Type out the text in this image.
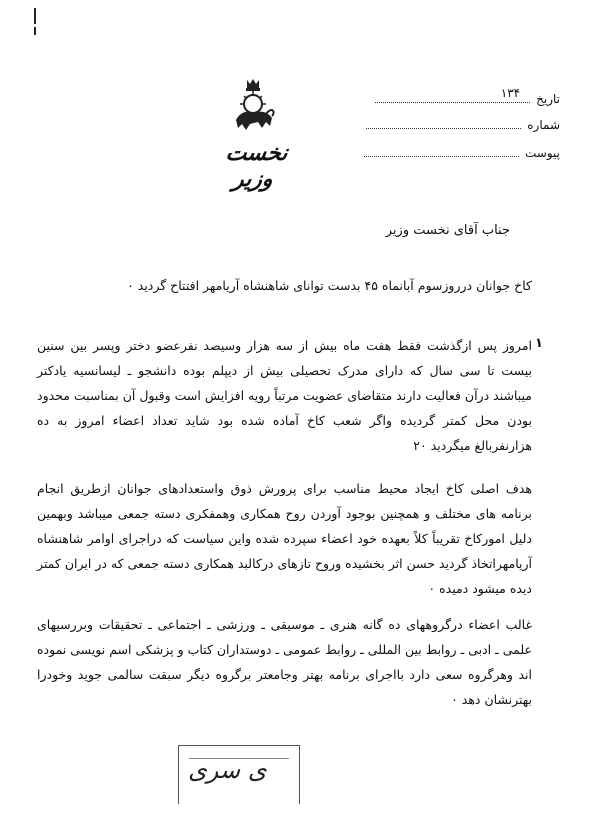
نخست وزیر
تاریخ
۱۳۴
شماره
پیوست
جناب آقای نخست وزیر
کاخ جوانان درروزسوم آبانماه ۴۵ بدست توانای شاهنشاه آریامهر افتتاح گردید ۰
۱
امروز پس ازگذشت فقط هفت ماه بیش از سه هزار وسیصد نفرعضو دختر وپسر بین سنین بیست تا سی سال که دارای مدرک تحصیلی بیش از دیپلم بوده دانشجو ـ لیسانسیه یادکتر میباشند درآن فعالیت دارند متقاضای عضویت مرتباً رویه افزایش است وقبول آن بمناسبت محدود بودن محل کمتر گردیده واگر شعب کاخ آماده شده بود شاید تعداد اعضاء امروز به ده هزارنفربالغ میگردید ۲۰
هدف اصلی کاخ ایجاد محیط مناسب برای پرورش ذوق واستعدادهای جوانان ازطریق انجام برنامه های مختلف و همچنین بوجود آوردن روح همکاری وهمفکری دسته جمعی میباشد وبهمین دلیل امورکاخ تقریباً کلاً بعهده خود اعضاء سپرده شده واین سیاست که دراجرای اوامر شاهنشاه آریامهراتخاذ گردید حسن اثر بخشیده وروح تازهای درکالبد همکاری دسته جمعی که در ایران کمتر دیده میشود دمیده ۰
غالب اعضاء درگروههای ده گانه هنری ـ موسیقی ـ ورزشی ـ اجتماعی ـ تحقیقات وبررسیهای علمی ـ ادبی ـ روابط بین المللی ـ روابط عمومی ـ دوستداران کتاب و پزشکی اسم نویسی نموده اند وهرگروه سعی دارد بااجرای برنامه بهتر وجامعتر برگروه دیگر سبقت سالمی جوید وخودرا بهترنشان دهد ۰
ی سری
